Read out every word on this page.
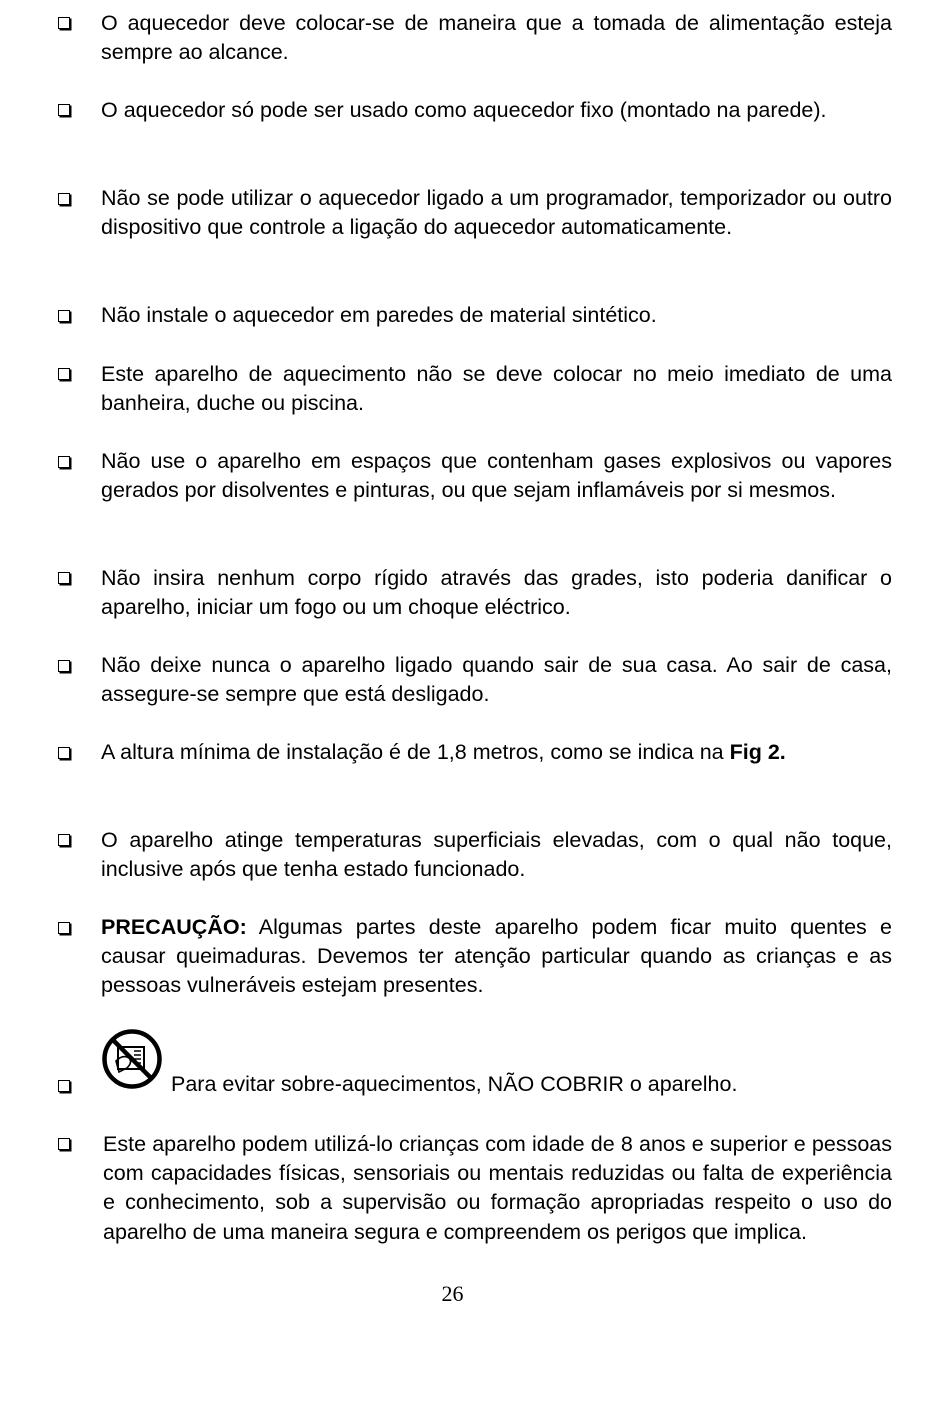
O aquecedor deve colocar-se de maneira que a tomada de alimentação esteja sempre ao alcance.
O aquecedor só pode ser usado como aquecedor fixo (montado na parede).
Não se pode utilizar o aquecedor ligado a um programador, temporizador ou outro dispositivo que controle a ligação do aquecedor automaticamente.
Não instale o aquecedor em paredes de material sintético.
Este aparelho de aquecimento não se deve colocar no meio imediato de uma banheira, duche ou piscina.
Não use o aparelho em espaços que contenham gases explosivos ou vapores gerados por disolventes e pinturas, ou que sejam inflamáveis por si mesmos.
Não insira nenhum corpo rígido através das grades, isto poderia danificar o aparelho, iniciar um fogo ou um choque eléctrico.
Não deixe nunca o aparelho ligado quando sair de sua casa. Ao sair de casa, assegure-se sempre que está desligado.
A altura mínima de instalação é de 1,8 metros, como se indica na Fig 2.
O aparelho atinge temperaturas superficiais elevadas, com o qual não toque, inclusive após que tenha estado funcionado.
PRECAUÇÃO: Algumas partes deste aparelho podem ficar muito quentes e causar queimaduras. Devemos ter atenção particular quando as crianças e as pessoas vulneráveis estejam presentes.
Para evitar sobre-aquecimentos, NÃO COBRIR o aparelho.
Este aparelho podem utilizá-lo crianças com idade de 8 anos e superior e pessoas com capacidades físicas, sensoriais ou mentais reduzidas ou falta de experiência e conhecimento, sob a supervisão ou formação apropriadas respeito o uso do aparelho de uma maneira segura e compreendem os perigos que implica.
26
